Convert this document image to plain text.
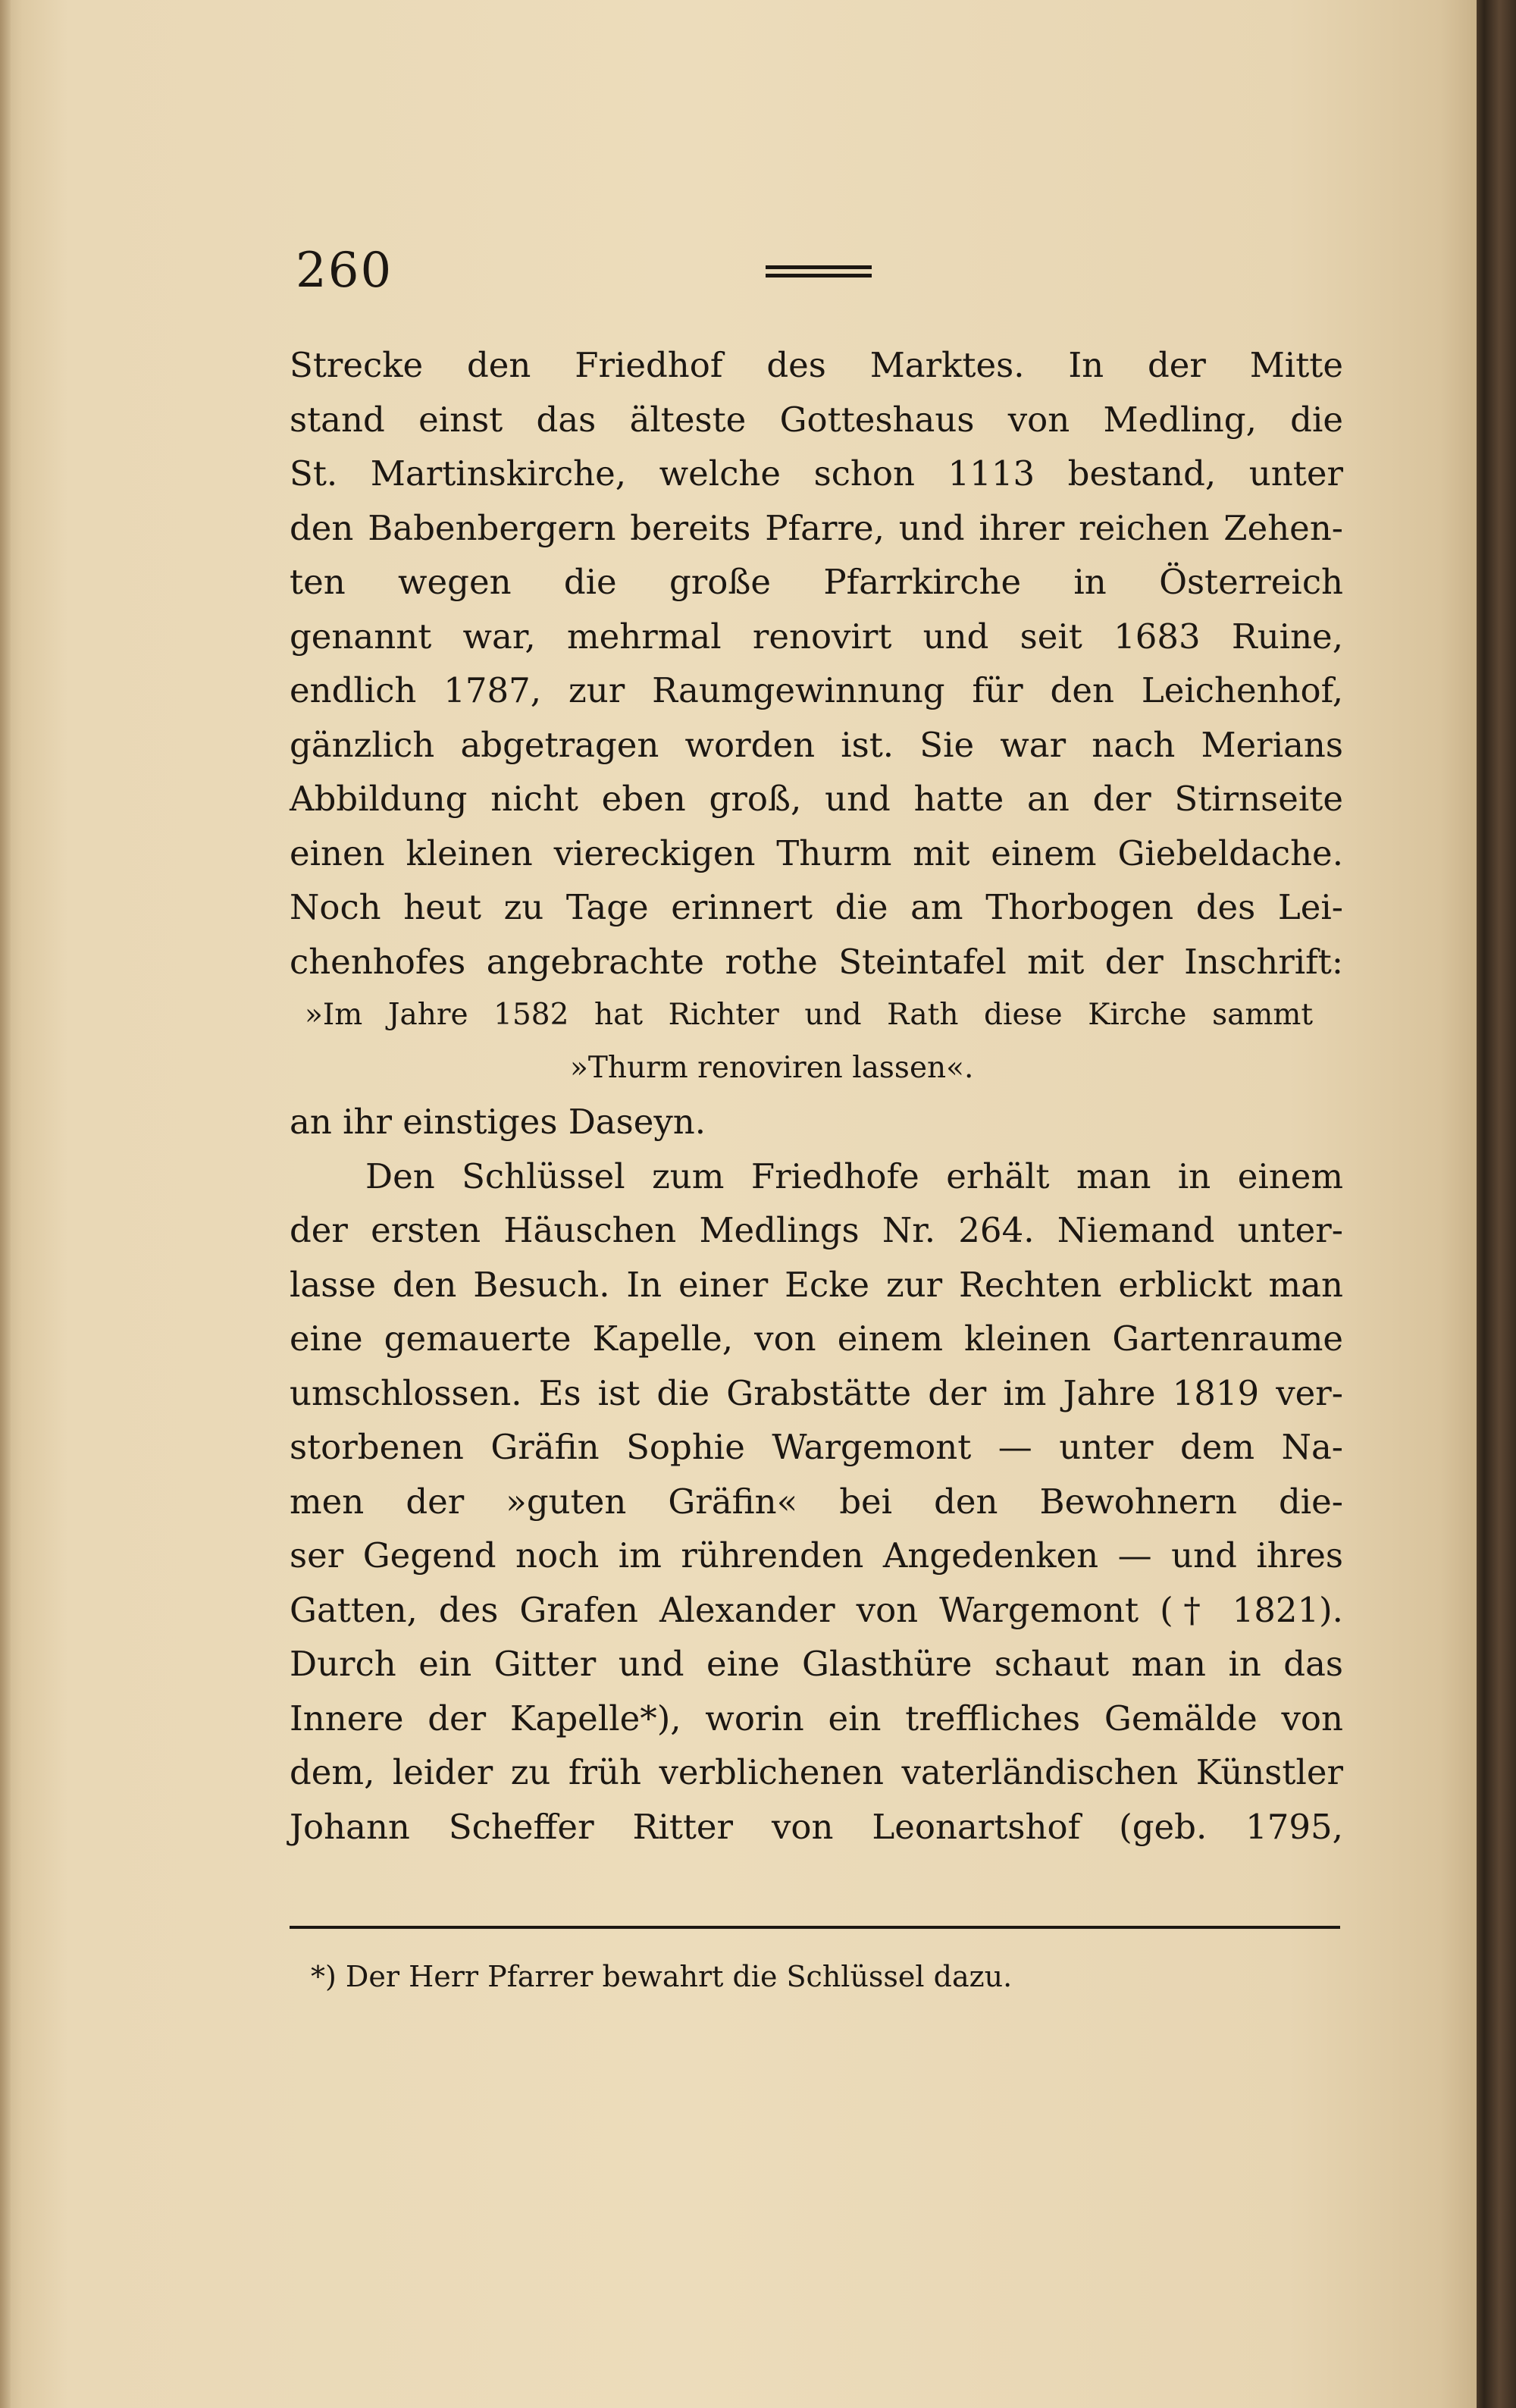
260
Strecke den Friedhof des Marktes. In der Mitte
stand einst das älteste Gotteshaus von Medling, die
St. Martinskirche, welche schon 1113 bestand, unter
den Babenbergern bereits Pfarre, und ihrer reichen Zehen-
ten wegen die große Pfarrkirche in Österreich
genannt war, mehrmal renovirt und seit 1683 Ruine,
endlich 1787, zur Raumgewinnung für den Leichenhof,
gänzlich abgetragen worden ist. Sie war nach Merians
Abbildung nicht eben groß, und hatte an der Stirnseite
einen kleinen viereckigen Thurm mit einem Giebeldache.
Noch heut zu Tage erinnert die am Thorbogen des Lei-
chenhofes angebrachte rothe Steintafel mit der Inschrift:
»Im Jahre 1582 hat Richter und Rath diese Kirche sammt
»Thurm renoviren lassen«.
an ihr einstiges Daseyn.
Den Schlüssel zum Friedhofe erhält man in einem
der ersten Häuschen Medlings Nr. 264. Niemand unter-
lasse den Besuch. In einer Ecke zur Rechten erblickt man
eine gemauerte Kapelle, von einem kleinen Gartenraume
umschlossen. Es ist die Grabstätte der im Jahre 1819 ver-
storbenen Gräfin Sophie Wargemont — unter dem Na-
men der »guten Gräfin« bei den Bewohnern die-
ser Gegend noch im rührenden Angedenken — und ihres
Gatten, des Grafen Alexander von Wargemont († 1821).
Durch ein Gitter und eine Glasthüre schaut man in das
Innere der Kapelle*), worin ein treffliches Gemälde von
dem, leider zu früh verblichenen vaterländischen Künstler
Johann Scheffer Ritter von Leonartshof (geb. 1795,
*) Der Herr Pfarrer bewahrt die Schlüssel dazu.
